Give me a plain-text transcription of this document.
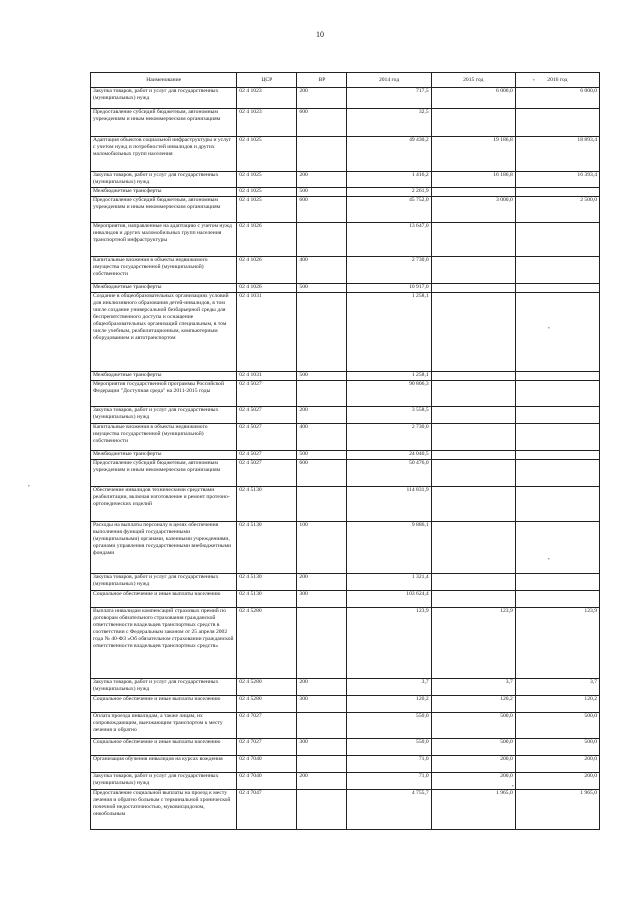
10
Наименование	ЦСР	ВР	2014 год	2015 год	2016 год
Закупка товаров, работ и услуг для государственных (муниципальных) нужд	02 4 1023	200	717,5	6 000,0	6 000,0
Предоставление субсидий бюджетным, автономным учреждениям и иным некоммерческим организациям	02 4 1023	600	32,5		
Адаптация объектов социальной инфраструктуры и услуг с учетом нужд и потребностей инвалидов и других маломобильных групп населения	02 4 1025		49 430,2	19 186,8	18 893,4
Закупка товаров, работ и услуг для государственных (муниципальных) нужд	02 4 1025	200	1 416,2	16 186,8	16 393,4
Межбюджетные трансферты	02 4 1025	500	2 261,9		
Предоставление субсидий бюджетным, автономным учреждениям и иным некоммерческим организациям	02 4 1025	600	45 752,0	3 000,0	2 500,0
Мероприятия, направленные на адаптацию с учетом нужд инвалидов и других маломобильных групп населения транспортной инфраструктуры	02 4 1026		13 647,0		
Капитальные вложения в объекты недвижимого имущества государственной (муниципальной) собственности	02 4 1026	400	2 730,0		
Межбюджетные трансферты	02 4 1026	500	10 917,0		
Создание в общеобразовательных организациях условий для инклюзивного образования детей-инвалидов, в том числе создание универсальной безбарьерной среды для беспрепятственного доступа и оснащение общеобразовательных организаций специальным, в том числе учебным, реабилитационным, компьютерным оборудованием и автотранспортом	02 4 1031		1 258,1		
Межбюджетные трансферты	02 4 1031	500	1 258,1		
Мероприятия государственной программы Российской Федерации "Доступная среда" на 2011-2015 годы	02 4 5027		90 806,3		
Закупка товаров, работ и услуг для государственных (муниципальных) нужд	02 4 5027	200	3 558,5		
Капитальные вложения в объекты недвижимого имущества государственной (муниципальной) собственности	02 4 5027	400	2 730,0		
Межбюджетные трансферты	02 4 5027	500	24 040,5		
Предоставление субсидий бюджетным, автономным учреждениям и иным некоммерческим организациям	02 4 5027	600	50 476,0		
Обеспечение инвалидов техническими средствами реабилитации, включая изготовление и ремонт протезно-ортопедических изделий	02 4 5130		114 831,9		
Расходы на выплаты персоналу в целях обеспечения выполнения функций государственными (муниципальными) органами, казенными учреждениями, органами управления государственными внебюджетными фондами	02 4 5130	100	9 886,1		
Закупка товаров, работ и услуг для государственных (муниципальных) нужд	02 4 5130	200	1 321,4		
Социальное обеспечение и иные выплаты населению	02 4 5130	300	103 624,4		
Выплата инвалидам компенсаций страховых премий по договорам обязательного страхования гражданской ответственности владельцев транспортных средств в соответствии с Федеральным законом от 25 апреля 2002 года № 40-ФЗ «Об обязательном страховании гражданской ответственности владельцев транспортных средств»	02 4 5280		123,9	123,9	123,9
Закупка товаров, работ и услуг для государственных (муниципальных) нужд	02 4 5280	200	3,7	3,7	3,7
Социальное обеспечение и иные выплаты населению	02 4 5280	300	120,2	120,2	120,2
Оплата проезда инвалидам, а также лицам, их сопровождающим, выезжающим транспортом к месту лечения и обратно	02 4 7027		550,0	500,0	500,0
Социальное обеспечение и иные выплаты населению	02 4 7027	300	550,0	500,0	500,0
Организация обучения инвалидов на курсах вождения	02 4 7040		71,0	200,0	200,0
Закупка товаров, работ и услуг для государственных (муниципальных) нужд	02 4 7040	200	71,0	200,0	200,0
Предоставление социальной выплаты на проезд к месту лечения и обратно больным с терминальной хронической почечной недостаточностью, муковисцидозом, онкобольным	02 4 7047		4 755,7	1 965,0	1 965,0
,
,
,
,
,
